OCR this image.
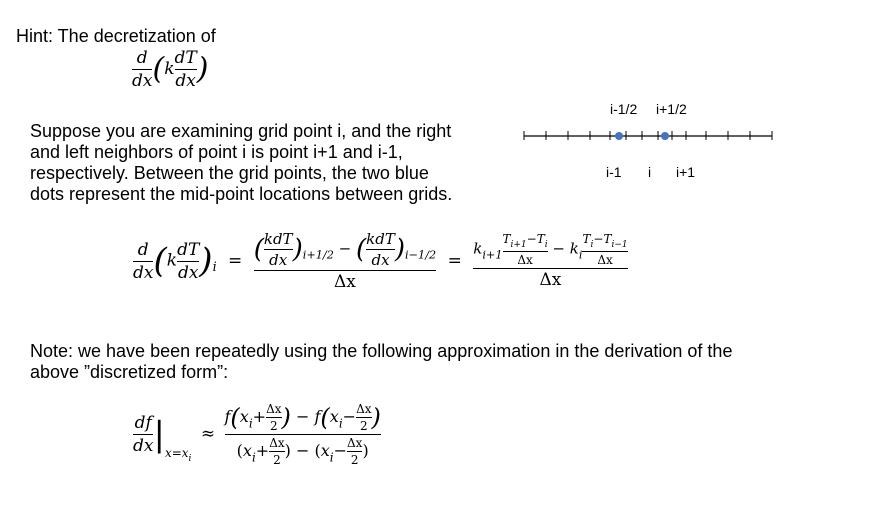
Hint: The decretization of
$\frac{d}{dx} (k \frac{dT}{dx}$ )
Suppose you are examining grid point i, and the right
and left neighbors of point i is point i+1 and i-1,
respectively. Between the grid points, the two blue
dots represent the mid-point locations between grids.
i-1/2 i+1/2
i-1 i i+1
$\frac{d}{dx} (k \frac{dT}{dx} )_i = \frac{( \frac{\text{kdT}}{dx} )_{i+1/2} - ( \frac{\text{kdT}}{dx} )_{i-1/2}}{\Delta x} = \frac{k_{i+1} \frac{T_{i+1}-T_i}{\Delta x} - k_i \frac{T_i-T_{i-1}}{\Delta x}}{\Delta x}$
Note: we have been repeatedly using the following approximation in the derivation of the
above ”discretized form”:
$\frac{df}{dx} |_{x=x_i} \approx \frac{f(x_i+ \frac{\Delta x}{2} ) - f(x_i- \frac{\Delta x}{2} )}{(x_i+ \frac{\Delta x}{2} ) - (x_i- \frac{\Delta x}{2} )}$
